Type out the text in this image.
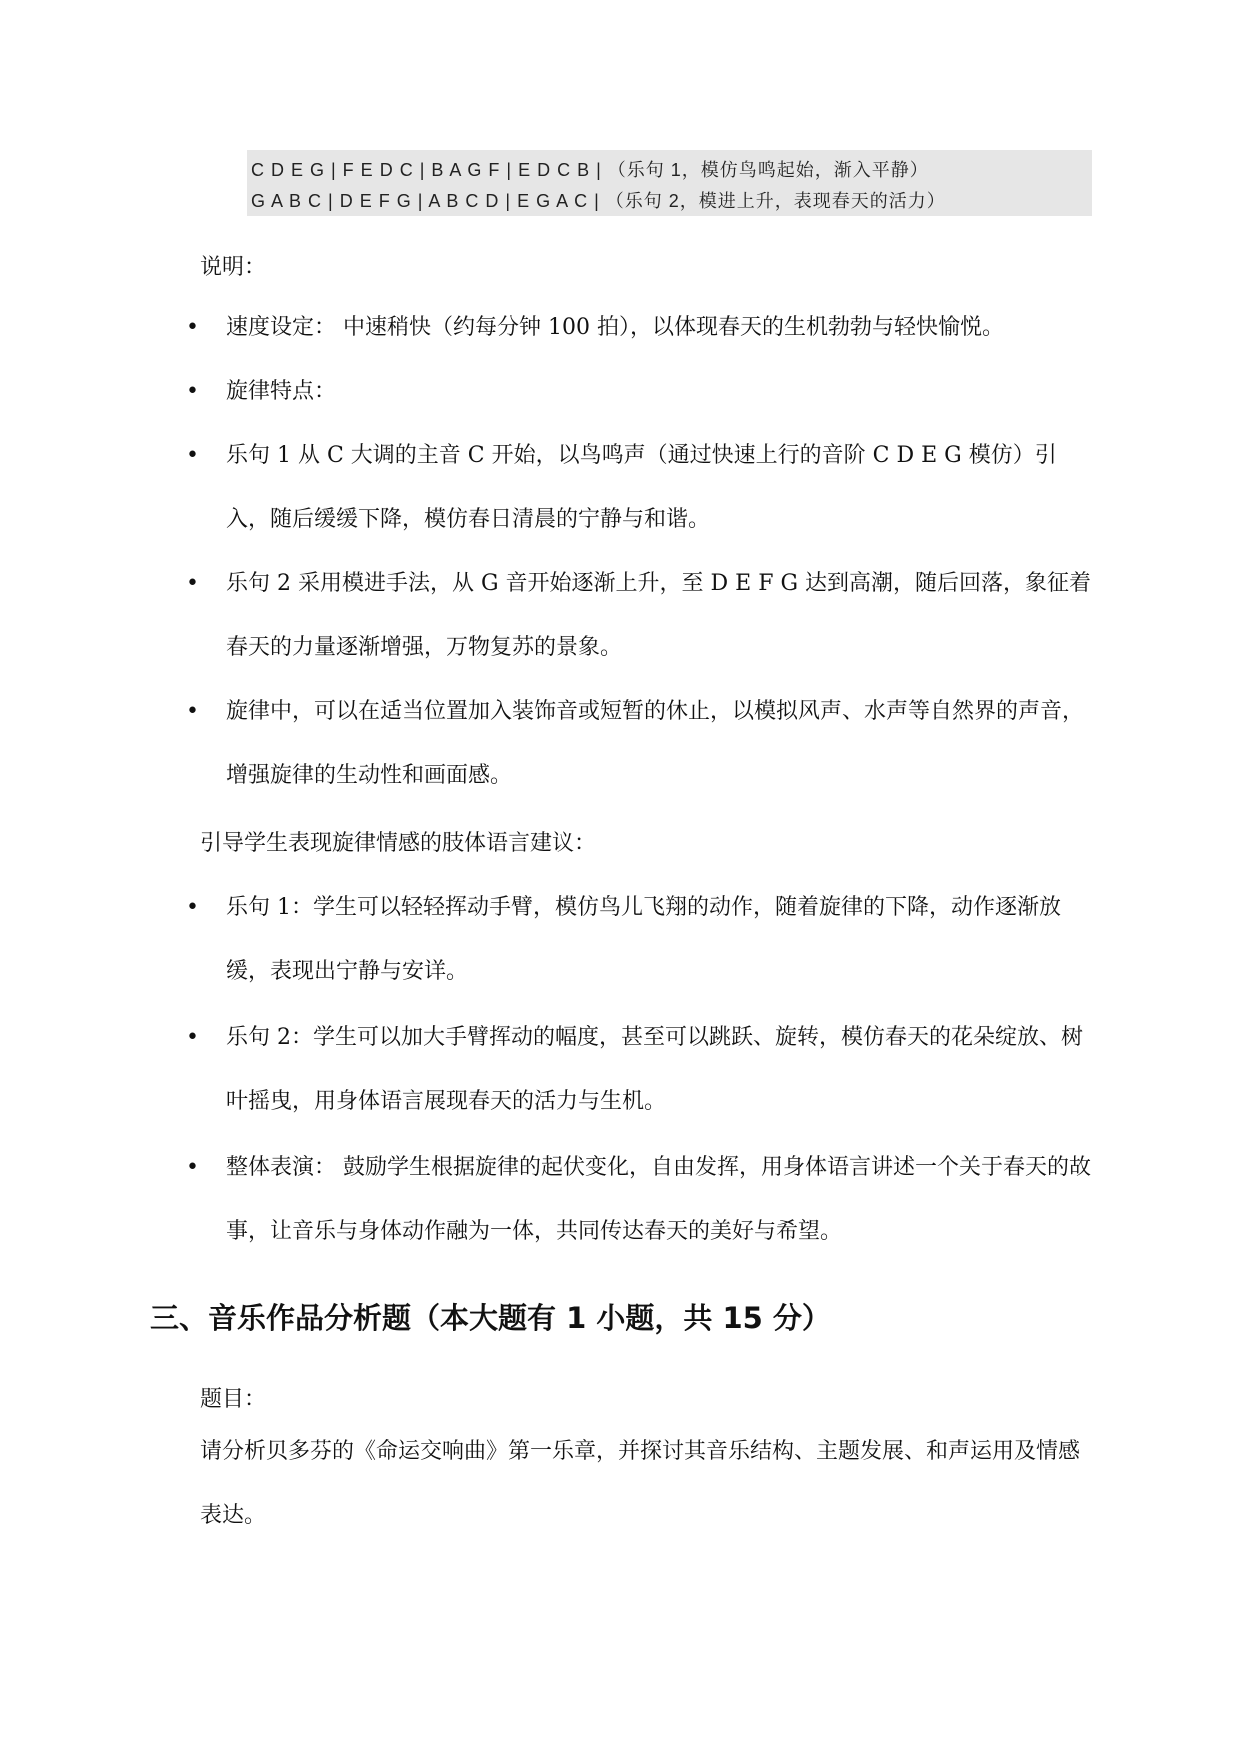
C D E G | F E D C | B A G F | E D C B | （乐句 1，模仿鸟鸣起始，渐入平静）
G A B C | D E F G | A B C D | E G A C | （乐句 2，模进上升，表现春天的活力）
说明：
• 速度设定： 中速稍快（约每分钟 100 拍），以体现春天的生机勃勃与轻快愉悦。
• 旋律特点：
• 乐句 1 从 C 大调的主音 C 开始，以鸟鸣声（通过快速上行的音阶 C D E G 模仿）引入，随后缓缓下降，模仿春日清晨的宁静与和谐。
• 乐句 2 采用模进手法，从 G 音开始逐渐上升，至 D E F G 达到高潮，随后回落，象征着春天的力量逐渐增强，万物复苏的景象。
• 旋律中，可以在适当位置加入装饰音或短暂的休止，以模拟风声、水声等自然界的声音，增强旋律的生动性和画面感。
引导学生表现旋律情感的肢体语言建议：
• 乐句 1：学生可以轻轻挥动手臂，模仿鸟儿飞翔的动作，随着旋律的下降，动作逐渐放缓，表现出宁静与安详。
• 乐句 2：学生可以加大手臂挥动的幅度，甚至可以跳跃、旋转，模仿春天的花朵绽放、树叶摇曳，用身体语言展现春天的活力与生机。
• 整体表演： 鼓励学生根据旋律的起伏变化，自由发挥，用身体语言讲述一个关于春天的故事，让音乐与身体动作融为一体，共同传达春天的美好与希望。
三、音乐作品分析题（本大题有 1 小题，共 15 分）
题目：
请分析贝多芬的《命运交响曲》第一乐章，并探讨其音乐结构、主题发展、和声运用及情感表达。
